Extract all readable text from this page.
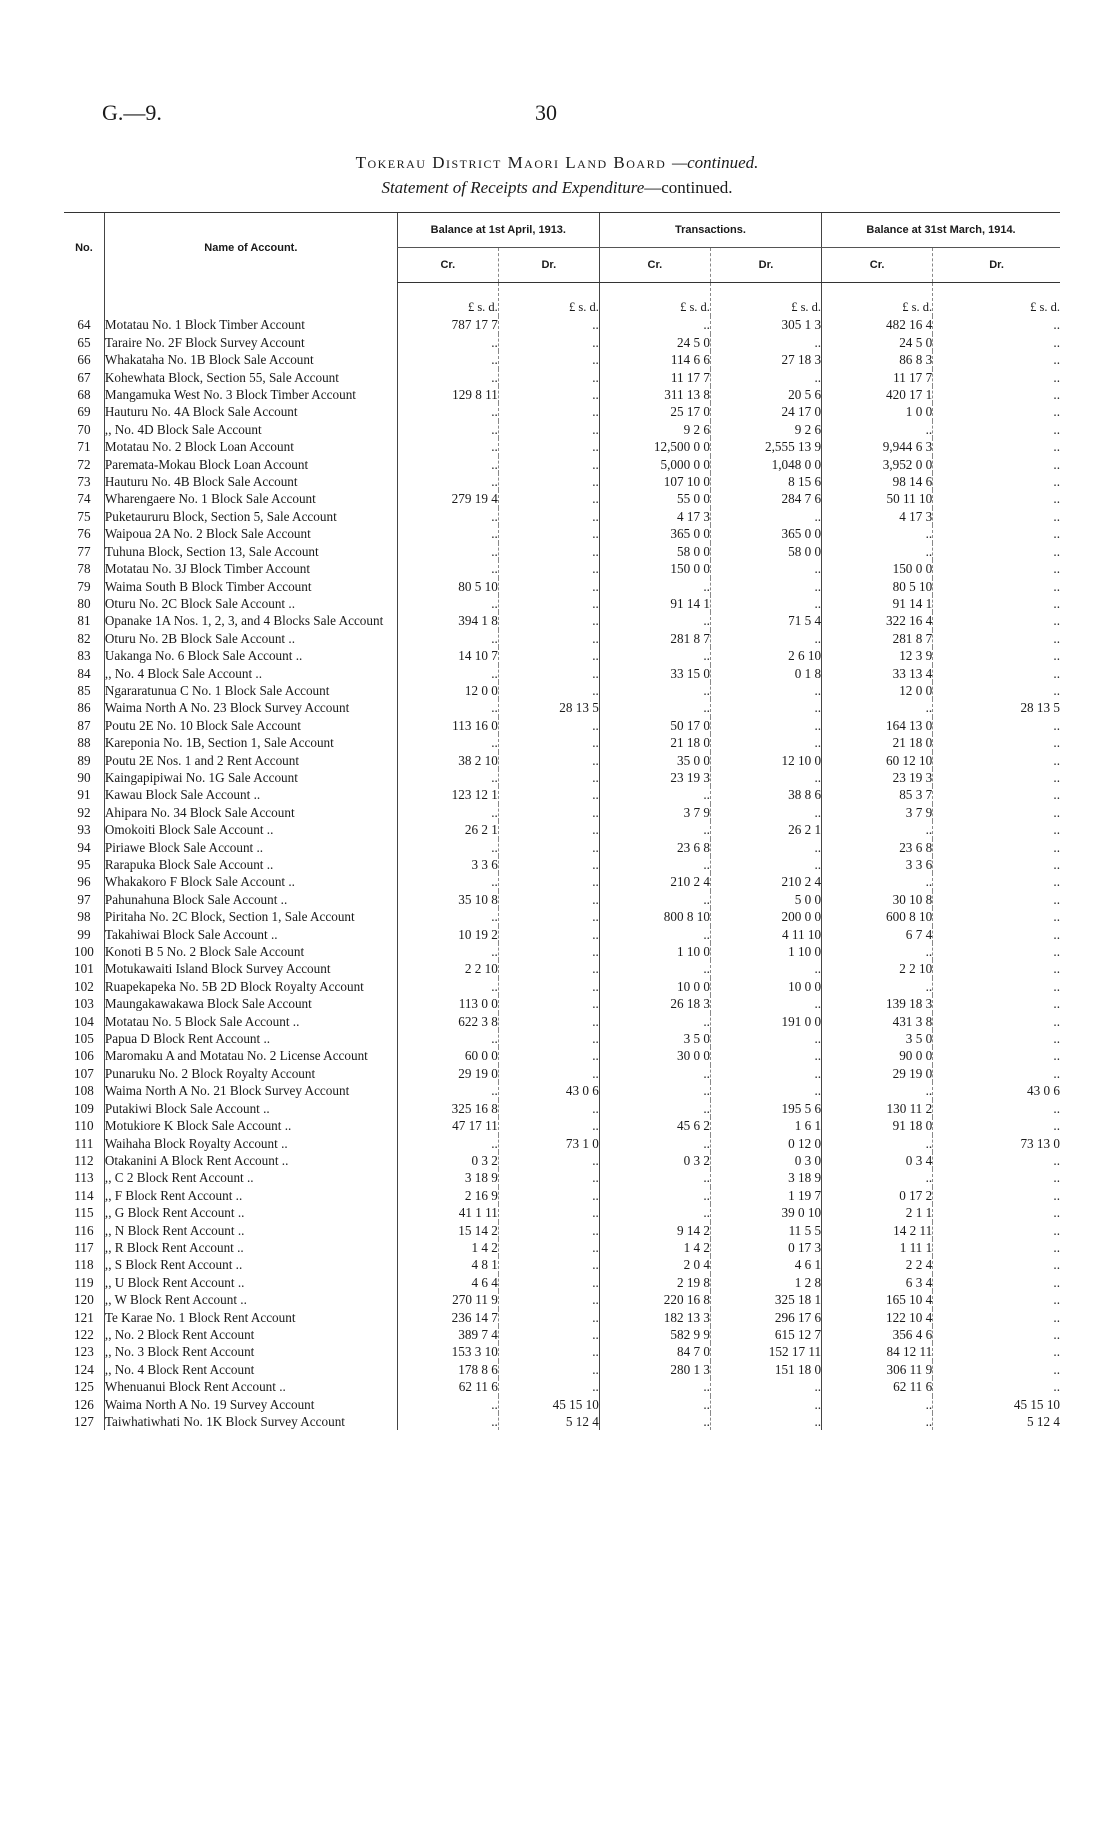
G.—9.	30
Tokerau District Maori Land Board —continued.
Statement of Receipts and Expenditure—continued.
No.	Name of Account.	Balance at 1st April, 1913.		Transactions.		Balance at 31st March, 1914.	
		Cr.	Dr.	Cr.	Dr.	Cr.	Dr.
		£ s. d.	£ s. d.	£ s. d.	£ s. d.	£ s. d.	£ s. d.
64	Motatau No. 1 Block Timber Account	787 17 7	..	..	305 1 3	482 16 4	..
65	Taraire No. 2F Block Survey Account	..	..	24 5 0	..	24 5 0	..
66	Whakataha No. 1B Block Sale Account	..	..	114 6 6	27 18 3	86 8 3	..
67	Kohewhata Block, Section 55, Sale Account	..	..	11 17 7	..	11 17 7	..
68	Mangamuka West No. 3 Block Timber Account	129 8 11	..	311 13 8	20 5 6	420 17 1	..
69	Hauturu No. 4A Block Sale Account	..	..	25 17 0	24 17 0	1 0 0	..
70	,, No. 4D Block Sale Account	..	..	9 2 6	9 2 6	..	..
71	Motatau No. 2 Block Loan Account	..	..	12,500 0 0	2,555 13 9	9,944 6 3	..
72	Paremata-Mokau Block Loan Account	..	..	5,000 0 0	1,048 0 0	3,952 0 0	..
73	Hauturu No. 4B Block Sale Account	..	..	107 10 0	8 15 6	98 14 6	..
74	Wharengaere No. 1 Block Sale Account	279 19 4	..	55 0 0	284 7 6	50 11 10	..
75	Puketaururu Block, Section 5, Sale Account	..	..	4 17 3	..	4 17 3	..
76	Waipoua 2A No. 2 Block Sale Account	..	..	365 0 0	365 0 0	..	..
77	Tuhuna Block, Section 13, Sale Account	..	..	58 0 0	58 0 0	..	..
78	Motatau No. 3J Block Timber Account	..	..	150 0 0	..	150 0 0	..
79	Waima South B Block Timber Account	80 5 10	..	..	..	80 5 10	..
80	Oturu No. 2C Block Sale Account ..	..	..	91 14 1	..	91 14 1	..
81	Opanake 1A Nos. 1, 2, 3, and 4 Blocks Sale Account	394 1 8	..	..	71 5 4	322 16 4	..
82	Oturu No. 2B Block Sale Account ..	..	..	281 8 7	..	281 8 7	..
83	Uakanga No. 6 Block Sale Account ..	14 10 7	..	..	2 6 10	12 3 9	..
84	,, No. 4 Block Sale Account ..	..	..	33 15 0	0 1 8	33 13 4	..
85	Ngararatunua C No. 1 Block Sale Account	12 0 0	..	..	..	12 0 0	..
86	Waima North A No. 23 Block Survey Account	..	28 13 5	..	..	..	28 13 5
87	Poutu 2E No. 10 Block Sale Account	113 16 0	..	50 17 0	..	164 13 0	..
88	Kareponia No. 1B, Section 1, Sale Account	..	..	21 18 0	..	21 18 0	..
89	Poutu 2E Nos. 1 and 2 Rent Account	38 2 10	..	35 0 0	12 10 0	60 12 10	..
90	Kaingapipiwai No. 1G Sale Account	..	..	23 19 3	..	23 19 3	..
91	Kawau Block Sale Account ..	123 12 1	..	..	38 8 6	85 3 7	..
92	Ahipara No. 34 Block Sale Account	..	..	3 7 9	..	3 7 9	..
93	Omokoiti Block Sale Account ..	26 2 1	..	..	26 2 1	..	..
94	Piriawe Block Sale Account ..	..	..	23 6 8	..	23 6 8	..
95	Rarapuka Block Sale Account ..	3 3 6	..	..	..	3 3 6	..
96	Whakakoro F Block Sale Account ..	..	..	210 2 4	210 2 4	..	..
97	Pahunahuna Block Sale Account ..	35 10 8	..	..	5 0 0	30 10 8	..
98	Piritaha No. 2C Block, Section 1, Sale Account	..	..	800 8 10	200 0 0	600 8 10	..
99	Takahiwai Block Sale Account ..	10 19 2	..	..	4 11 10	6 7 4	..
100	Konoti B 5 No. 2 Block Sale Account	..	..	1 10 0	1 10 0	..	..
101	Motukawaiti Island Block Survey Account	2 2 10	..	..	..	2 2 10	..
102	Ruapekapeka No. 5B 2D Block Royalty Account	..	..	10 0 0	10 0 0	..	..
103	Maungakawakawa Block Sale Account	113 0 0	..	26 18 3	..	139 18 3	..
104	Motatau No. 5 Block Sale Account ..	622 3 8	..	..	191 0 0	431 3 8	..
105	Papua D Block Rent Account ..	..	..	3 5 0	..	3 5 0	..
106	Maromaku A and Motatau No. 2 License Account	60 0 0	..	30 0 0	..	90 0 0	..
107	Punaruku No. 2 Block Royalty Account	29 19 0	..	..	..	29 19 0	..
108	Waima North A No. 21 Block Survey Account	..	43 0 6	..	..	..	43 0 6
109	Putakiwi Block Sale Account ..	325 16 8	..	..	195 5 6	130 11 2	..
110	Motukiore K Block Sale Account ..	47 17 11	..	45 6 2	1 6 1	91 18 0	..
111	Waihaha Block Royalty Account ..	..	73 1 0	..	0 12 0	..	73 13 0
112	Otakanini A Block Rent Account ..	0 3 2	..	0 3 2	0 3 0	0 3 4	..
113	,, C 2 Block Rent Account ..	3 18 9	..	..	3 18 9	..	..
114	,, F Block Rent Account ..	2 16 9	..	..	1 19 7	0 17 2	..
115	,, G Block Rent Account ..	41 1 11	..	..	39 0 10	2 1 1	..
116	,, N Block Rent Account ..	15 14 2	..	9 14 2	11 5 5	14 2 11	..
117	,, R Block Rent Account ..	1 4 2	..	1 4 2	0 17 3	1 11 1	..
118	,, S Block Rent Account ..	4 8 1	..	2 0 4	4 6 1	2 2 4	..
119	,, U Block Rent Account ..	4 6 4	..	2 19 8	1 2 8	6 3 4	..
120	,, W Block Rent Account ..	270 11 9	..	220 16 8	325 18 1	165 10 4	..
121	Te Karae No. 1 Block Rent Account	236 14 7	..	182 13 3	296 17 6	122 10 4	..
122	,, No. 2 Block Rent Account	389 7 4	..	582 9 9	615 12 7	356 4 6	..
123	,, No. 3 Block Rent Account	153 3 10	..	84 7 0	152 17 11	84 12 11	..
124	,, No. 4 Block Rent Account	178 8 6	..	280 1 3	151 18 0	306 11 9	..
125	Whenuanui Block Rent Account ..	62 11 6	..	..	..	62 11 6	..
126	Waima North A No. 19 Survey Account	..	45 15 10	..	..	..	45 15 10
127	Taiwhatiwhati No. 1K Block Survey Account	..	5 12 4	..	..	..	5 12 4
